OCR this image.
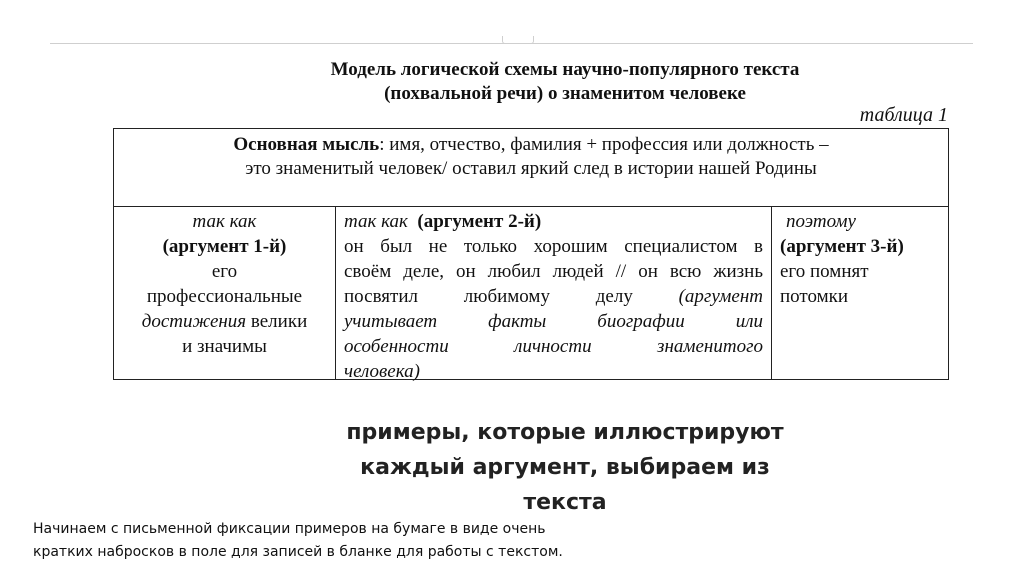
Модель логической схемы научно-популярного текста
(похвальной речи) о знаменитом человеке
таблица 1
Основная мысль: имя, отчество, фамилия + профессия или должность –
это знаменитый человек/ оставил яркий след в истории нашей Родины
так как
(аргумент 1-й)
его
профессиональные
достижения велики
и значимы
так как (аргумент 2-й)
он был не только хорошим специалистом в
своём деле, он любил людей // он всю жизнь
посвятил любимому делу (аргумент
учитывает факты биографии или
особенности личности знаменитого
человека)
поэтому
(аргумент 3-й)
его помнят
потомки
примеры, которые иллюстрируют
каждый аргумент, выбираем из
текста
Начинаем с письменной фиксации примеров на бумаге в виде очень
кратких набросков в поле для записей в бланке для работы с текстом.
